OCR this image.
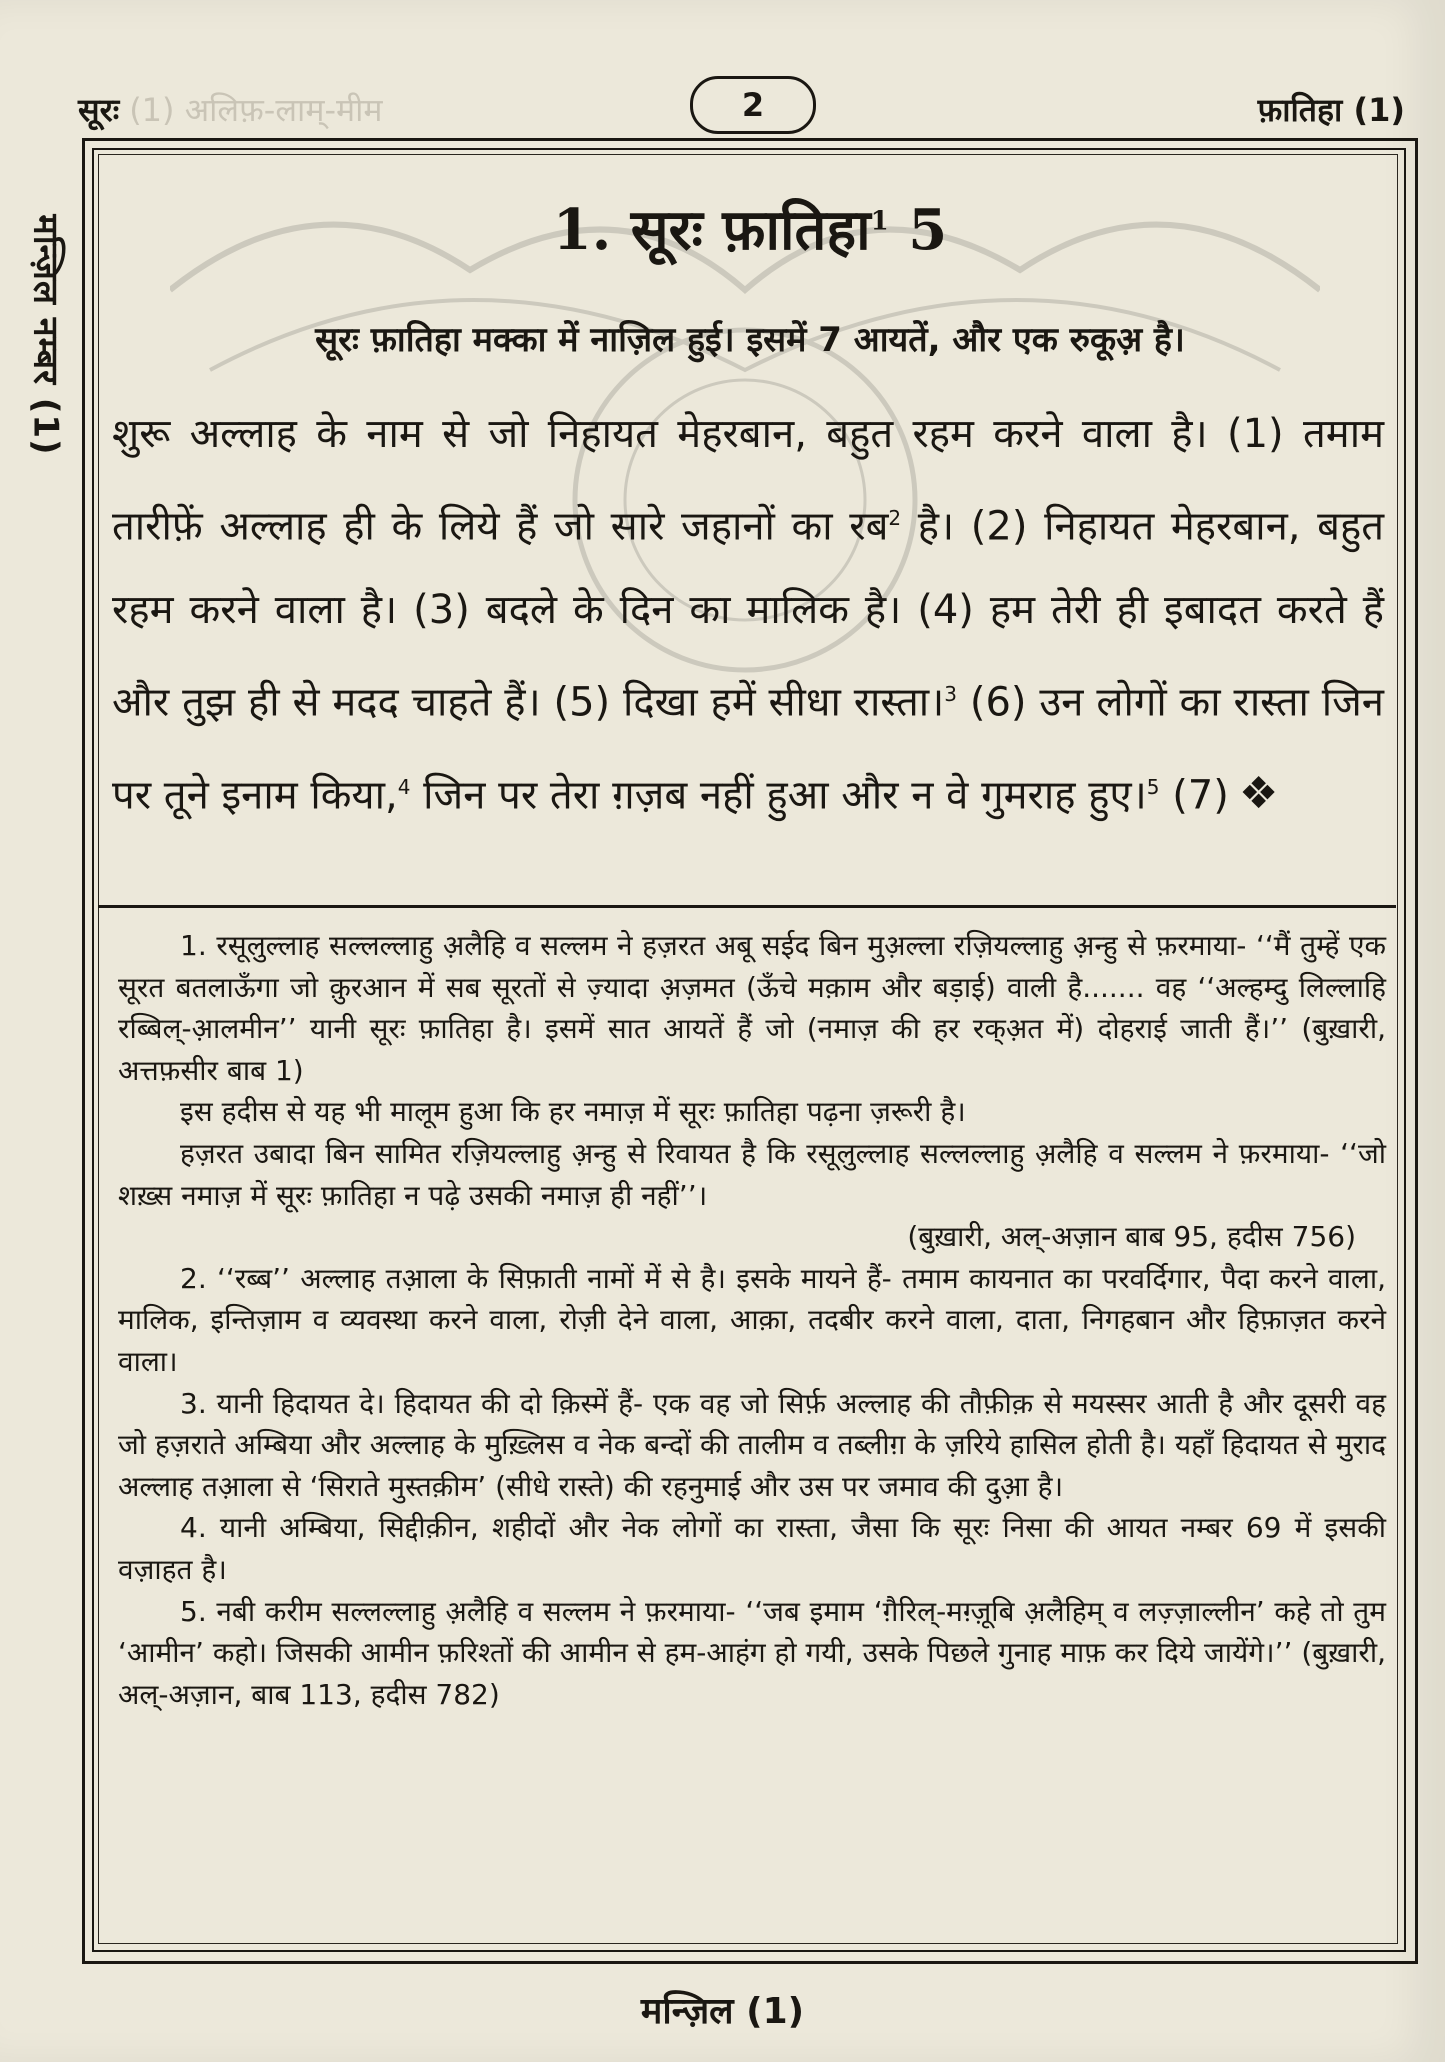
सूरः (1) अलिफ़-लाम्-मीम	2	फ़ातिहा (1)
मन्ज़िल नम्बर (1)	1. सूरः फ़ातिहा$^1$ 5
सूरः फ़ातिहा मक्का में नाज़िल हुई। इसमें 7 आयतें, और एक रुकूअ़ है।
शुरू अल्लाह के नाम से जो निहायत मेहरबान, बहुत रहम करने वाला है। (1) तमाम तारीफ़ें अल्लाह ही के लिये हैं जो सारे जहानों का रब$^2$ है। (2) निहायत मेहरबान, बहुत रहम करने वाला है। (3) बदले के दिन का मालिक है। (4) हम तेरी ही इबादत करते हैं और तुझ ही से मदद चाहते हैं। (5) दिखा हमें सीधा रास्ता।$^3$ (6) उन लोगों का रास्ता जिन पर तूने इनाम किया,$^4$ जिन पर तेरा ग़ज़ब नहीं हुआ और न वे गुमराह हुए।$^5$ (7) ❖

1. रसूलुल्लाह सल्लल्लाहु अ़लैहि व सल्लम ने हज़रत अबू सईद बिन मुअ़ल्ला रज़ियल्लाहु अ़न्हु से फ़रमाया- ‘‘मैं तुम्हें एक सूरत बतलाऊँगा जो क़ुरआन में सब सूरतों से ज़्यादा अ़ज़मत (ऊँचे मक़ाम और बड़ाई) वाली है....... वह ‘‘अल्हम्दु लिल्लाहि रब्बिल्-आ़लमीन’’ यानी सूरः फ़ातिहा है। इसमें सात आयतें हैं जो (नमाज़ की हर रक्अ़त में) दोहराई जाती हैं।’’ (बुख़ारी, अत्तफ़सीर बाब 1)

इस हदीस से यह भी मालूम हुआ कि हर नमाज़ में सूरः फ़ातिहा पढ़ना ज़रूरी है।

हज़रत उबादा बिन सामित रज़ियल्लाहु अ़न्हु से रिवायत है कि रसूलुल्लाह सल्लल्लाहु अ़लैहि व सल्लम ने फ़रमाया- ‘‘जो शख़्स नमाज़ में सूरः फ़ातिहा न पढ़े उसकी नमाज़ ही नहीं’’।

(बुख़ारी, अल्-अज़ान बाब 95, हदीस 756)

2. ‘‘रब्ब’’ अल्लाह तआ़ला के सिफ़ाती नामों में से है। इसके मायने हैं- तमाम कायनात का परवर्दिगार, पैदा करने वाला, मालिक, इन्तिज़ाम व व्यवस्था करने वाला, रोज़ी देने वाला, आक़ा, तदबीर करने वाला, दाता, निगहबान और हिफ़ाज़त करने वाला।

3. यानी हिदायत दे। हिदायत की दो क़िस्में हैं- एक वह जो सिर्फ़ अल्लाह की तौफ़ीक़ से मयस्सर आती है और दूसरी वह जो हज़राते अम्बिया और अल्लाह के मुख़्लिस व नेक बन्दों की तालीम व तब्लीग़ के ज़रिये हासिल होती है। यहाँ हिदायत से मुराद अल्लाह तआ़ला से ‘सिराते मुस्तक़ीम’ (सीधे रास्ते) की रहनुमाई और उस पर जमाव की दुआ़ है।

4. यानी अम्बिया, सिद्दीक़ीन, शहीदों और नेक लोगों का रास्ता, जैसा कि सूरः निसा की आयत नम्बर 69 में इसकी वज़ाहत है।

5. नबी करीम सल्लल्लाहु अ़लैहि व सल्लम ने फ़रमाया- ‘‘जब इमाम ‘ग़ैरिल्-मग़्ज़ूबि अ़लैहिम् व लज़्ज़ाल्लीन’ कहे तो तुम ‘आमीन’ कहो। जिसकी आमीन फ़रिश्तों की आमीन से हम-आहंग हो गयी, उसके पिछले गुनाह माफ़ कर दिये जायेंगे।’’ (बुख़ारी, अल्-अज़ान, बाब 113, हदीस 782)

मन्ज़िल (1)
